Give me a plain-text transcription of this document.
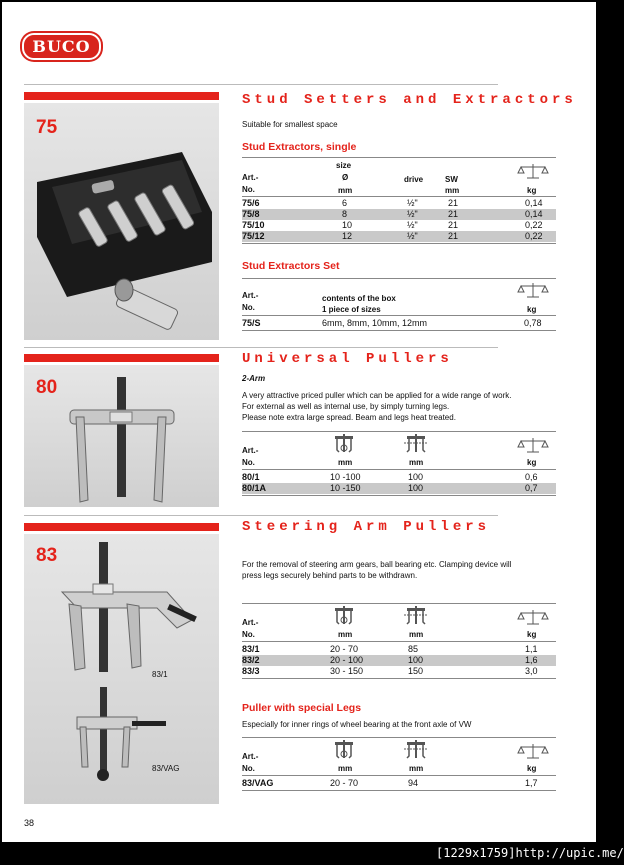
BUCO
75
Stud Setters and Extractors
Suitable for smallest space
Stud Extractors, single
size
Art.-	Ø	drive	SW
No.	mm	mm	kg
Stud Extractors Set
Art.-	contents of the box
No.	1 piece of sizes	kg
75/S	6mm, 8mm, 10mm, 12mm	0,78
80
Universal Pullers
2-Arm
A very attractive priced puller which can be applied for a wide range of work.
For external as well as internal use, by simply turning legs.
Please note extra large spread. Beam and legs heat treated.
83
83/1
83/VAG
Steering Arm Pullers
For the removal of steering arm gears, ball bearing etc. Clamping device will
press legs securely behind parts to be withdrawn.
Puller with special Legs
Especially for inner rings of wheel bearing at the front axle of VW
38
75/6	6	½"	21	0,14
75/8	8	½"	21	0,14
75/10	10	½"	21	0,22
75/12	12	½"	21	0,22
Art.-
No.	mm	mm	kg
80/1	10 -100	100	0,6
80/1A	10 -150	100	0,7
Art.-
No.	mm	mm	kg
83/1	20 - 70	85	1,1
83/2	20 - 100	100	1,6
83/3	30 - 150	150	3,0
Art.-
No.	mm	mm	kg
83/VAG	20 - 70	94	1,7
[1229x1759]http://upic.me/
